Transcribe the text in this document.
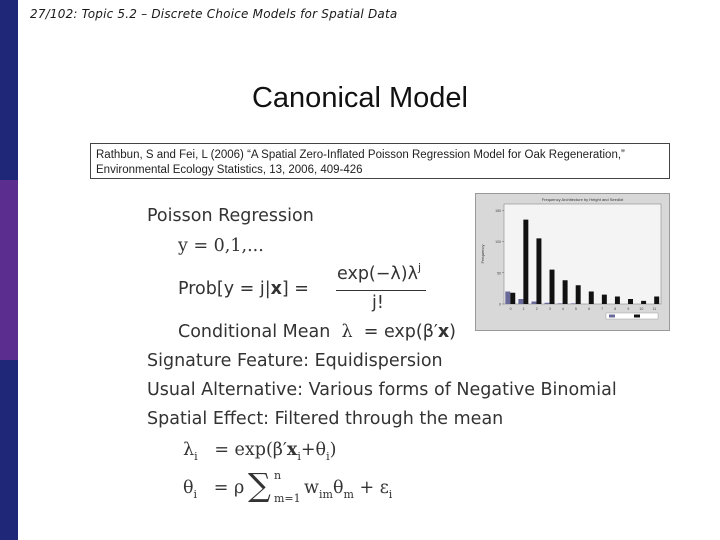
27/102: Topic 5.2 – Discrete Choice Models for Spatial Data
Canonical Model
Rathbun, S and Fei, L (2006) “A Spatial Zero-Inflated Poisson Regression Model for Oak Regeneration,”
Environmental Ecology Statistics, 13, 2006, 409-426
Poisson Regression
y = 0,1,...
Prob[y = j|x] =
$\exp(-\lambda)\lambda^j$
j!
Conditional Mean λ = exp(β′x)
Signature Feature: Equidispersion
Usual Alternative: Various forms of Negative Binomial
Spatial Effect: Filtered through the mean
$\lambda_i = \exp(\beta'x_i+\theta_i)$
$\theta_i = \rho$ ∑ n
m=1
$w_{im}\theta_m + \varepsilon_i$
Frequency Architecture by Height and Seedlot
Frequency
0
50
100
150
0	1	2	3	4	5	6	7	8	9	10	11
